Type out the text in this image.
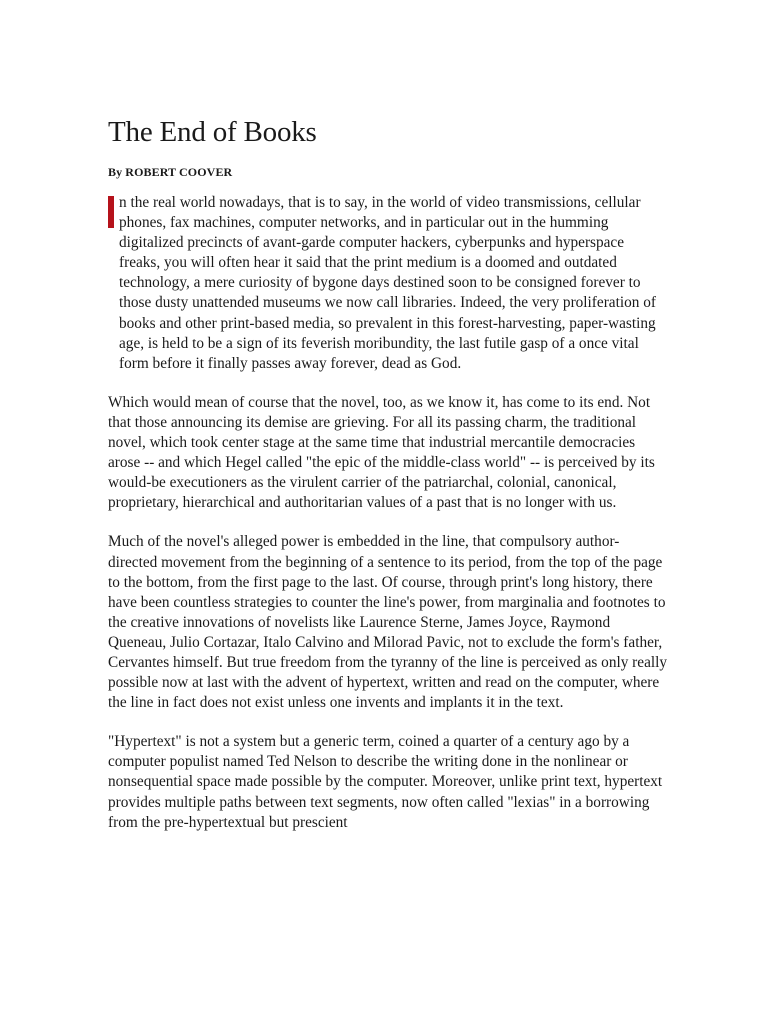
The End of Books
By ROBERT COOVER
n the real world nowadays, that is to say, in the world of video transmissions, cellular phones, fax machines, computer networks, and in particular out in the humming digitalized precincts of avant-garde computer hackers, cyberpunks and hyperspace freaks, you will often hear it said that the print medium is a doomed and outdated technology, a mere curiosity of bygone days destined soon to be consigned forever to those dusty unattended museums we now call libraries. Indeed, the very proliferation of books and other print-based media, so prevalent in this forest-harvesting, paper-wasting age, is held to be a sign of its feverish moribundity, the last futile gasp of a once vital form before it finally passes away forever, dead as God.
Which would mean of course that the novel, too, as we know it, has come to its end. Not that those announcing its demise are grieving. For all its passing charm, the traditional novel, which took center stage at the same time that industrial mercantile democracies arose -- and which Hegel called "the epic of the middle-class world" -- is perceived by its would-be executioners as the virulent carrier of the patriarchal, colonial, canonical, proprietary, hierarchical and authoritarian values of a past that is no longer with us.
Much of the novel's alleged power is embedded in the line, that compulsory author-directed movement from the beginning of a sentence to its period, from the top of the page to the bottom, from the first page to the last. Of course, through print's long history, there have been countless strategies to counter the line's power, from marginalia and footnotes to the creative innovations of novelists like Laurence Sterne, James Joyce, Raymond Queneau, Julio Cortazar, Italo Calvino and Milorad Pavic, not to exclude the form's father, Cervantes himself. But true freedom from the tyranny of the line is perceived as only really possible now at last with the advent of hypertext, written and read on the computer, where the line in fact does not exist unless one invents and implants it in the text.
"Hypertext" is not a system but a generic term, coined a quarter of a century ago by a computer populist named Ted Nelson to describe the writing done in the nonlinear or nonsequential space made possible by the computer. Moreover, unlike print text, hypertext provides multiple paths between text segments, now often called "lexias" in a borrowing from the pre-hypertextual but prescient
